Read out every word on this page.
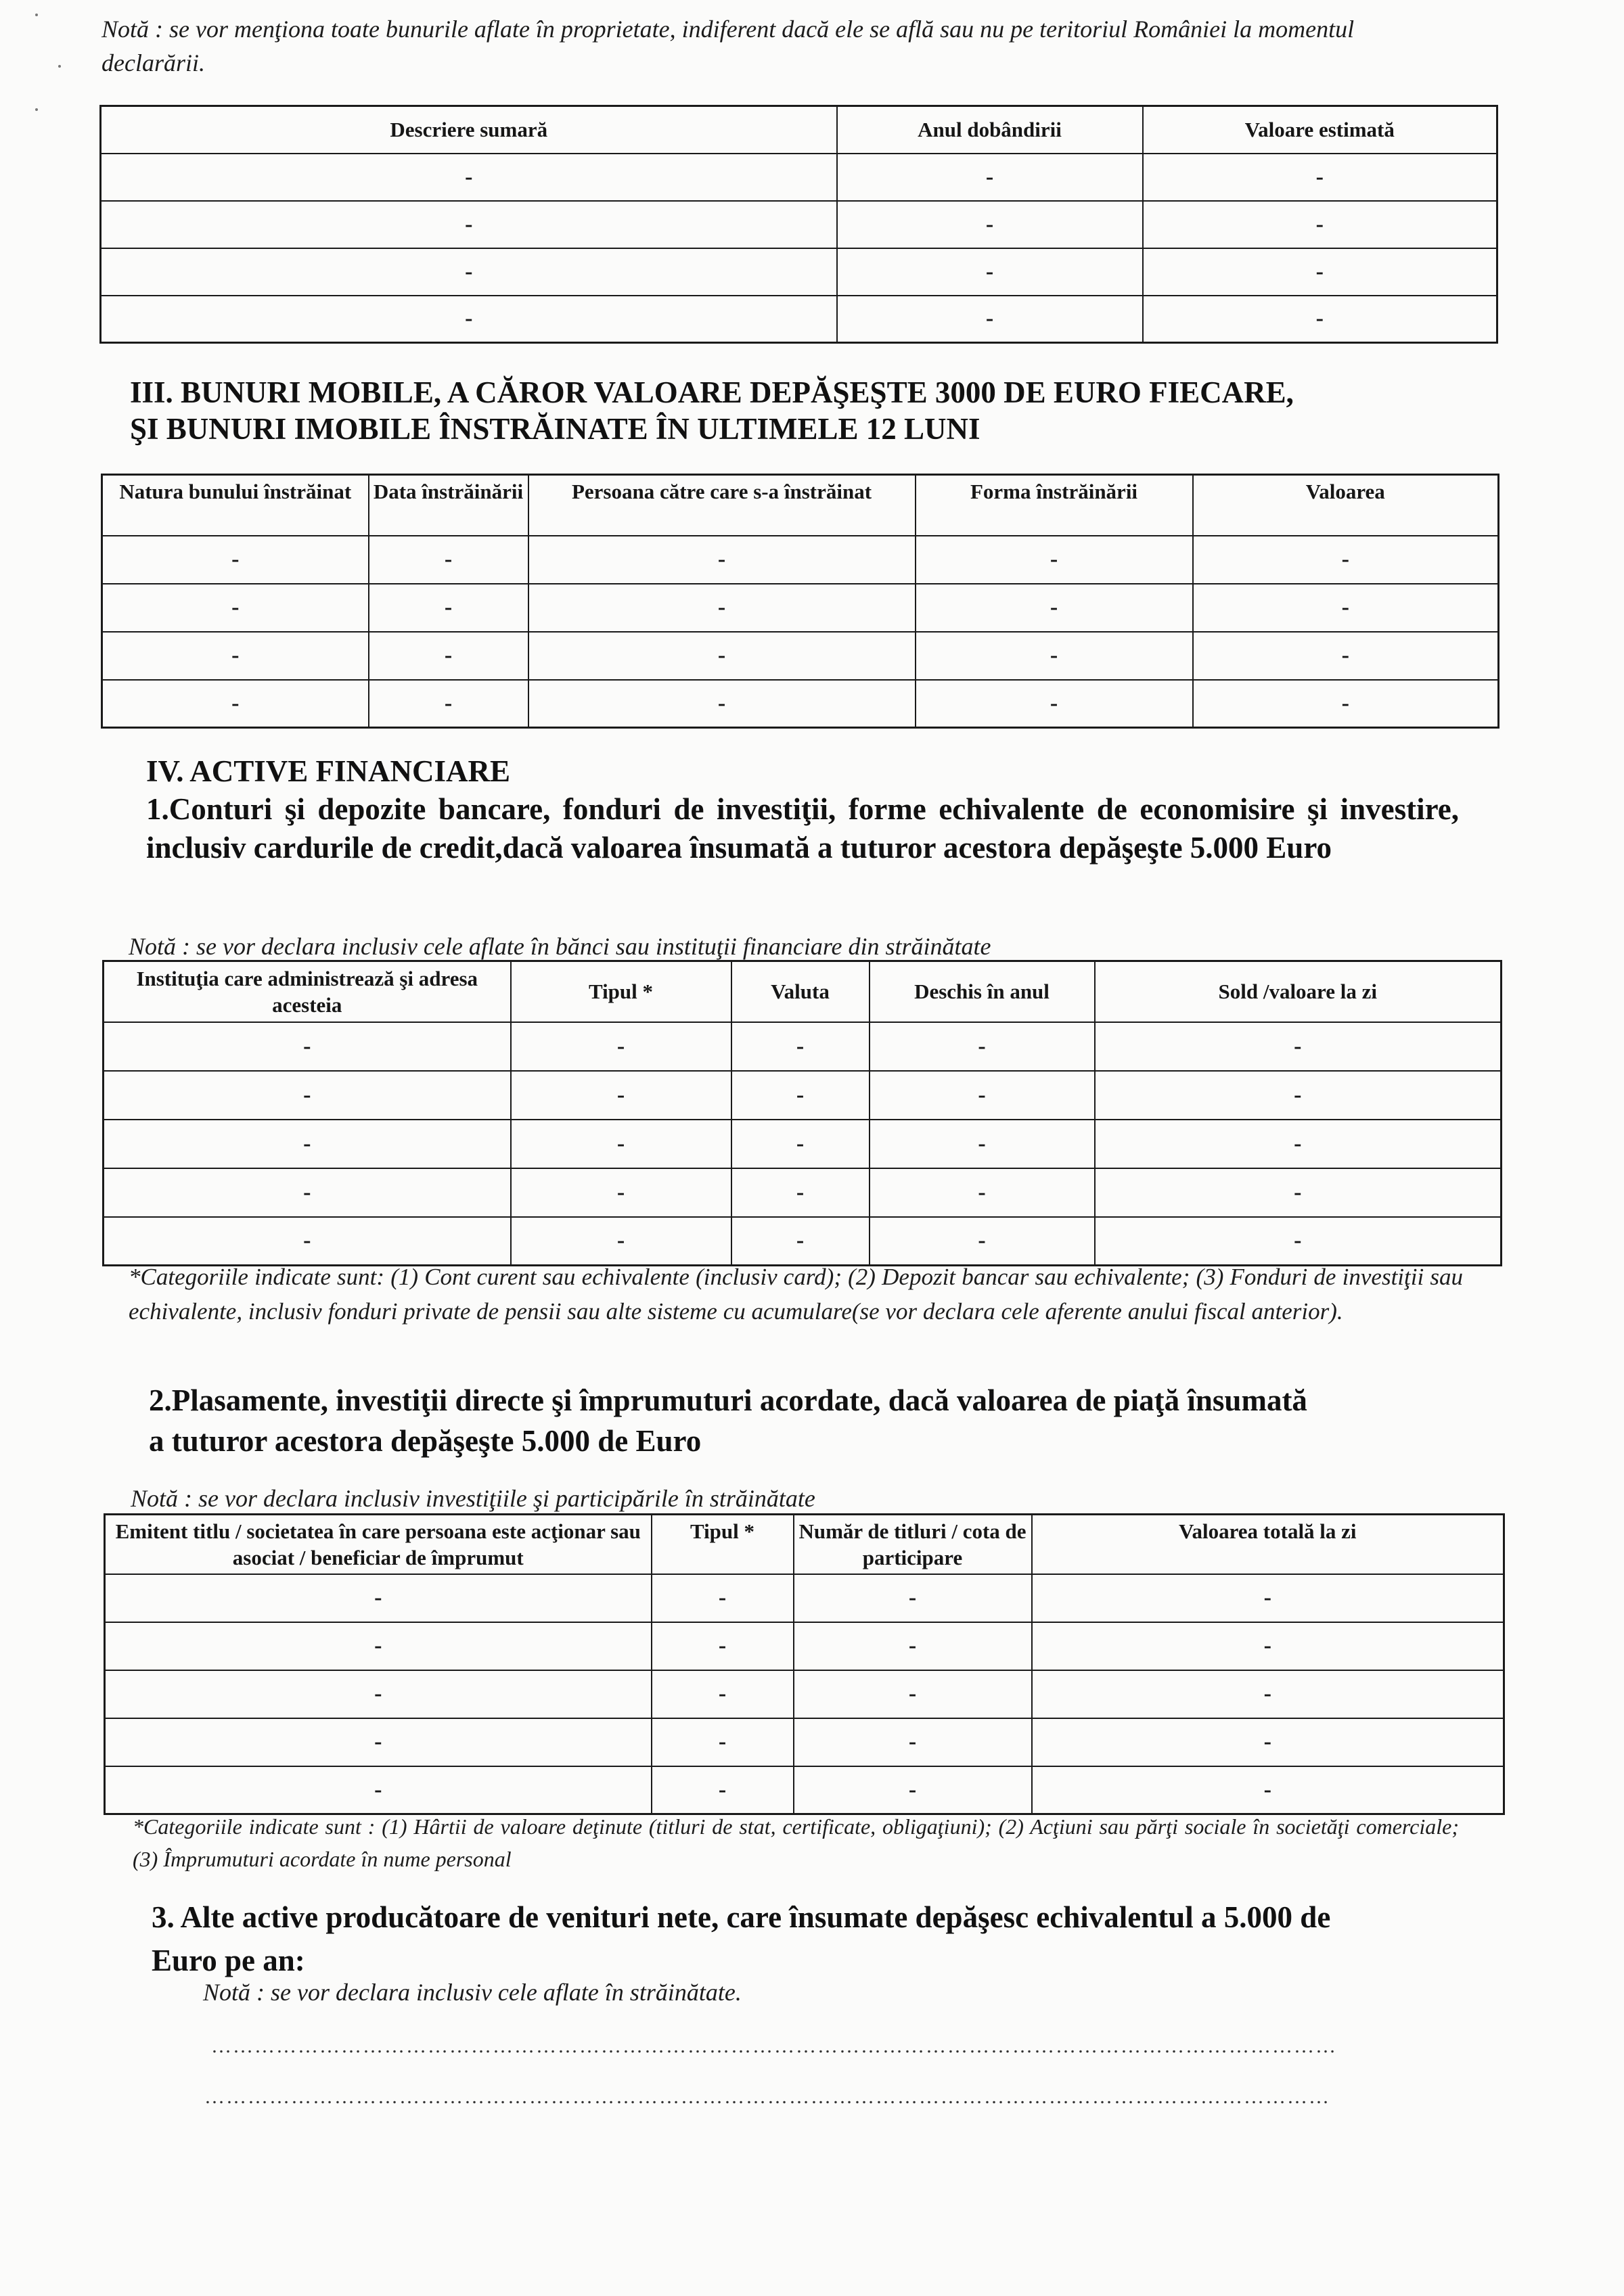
Notă : se vor menţiona toate bunurile aflate în proprietate, indiferent dacă ele se află sau nu pe teritoriul României la momentul declarării.
Descriere sumară	Anul dobândirii	Valoare estimată
-	-	-
-	-	-
-	-	-
-	-	-
III. BUNURI MOBILE, A CĂROR VALOARE DEPĂŞEŞTE 3000 DE EURO FIECARE,
ŞI BUNURI IMOBILE ÎNSTRĂINATE ÎN ULTIMELE 12 LUNI
Natura bunului înstrăinat	Data înstrăinării	Persoana către care s-a înstrăinat	Forma înstrăinării	Valoarea
-	-	-	-	-
-	-	-	-	-
-	-	-	-	-
-	-	-	-	-
IV. ACTIVE FINANCIARE
1.Conturi şi depozite bancare, fonduri de investiţii, forme echivalente de economisire şi investire, inclusiv cardurile de credit,dacă valoarea însumată a tuturor acestora depăşeşte 5.000 Euro
Notă : se vor declara inclusiv cele aflate în bănci sau instituţii financiare din străinătate
Instituţia care administrează şi adresa acesteia	Tipul *	Valuta	Deschis în anul	Sold /valoare la zi
-	-	-	-	-
-	-	-	-	-
-	-	-	-	-
-	-	-	-	-
-	-	-	-	-
*Categoriile indicate sunt: (1) Cont curent sau echivalente (inclusiv card); (2) Depozit bancar sau echivalente; (3) Fonduri de investiţii sau echivalente, inclusiv fonduri private de pensii sau alte sisteme cu acumulare(se vor declara cele aferente anului fiscal anterior).
2.Plasamente, investiţii directe şi împrumuturi acordate, dacă valoarea de piaţă însumată
a tuturor acestora depăşeşte 5.000 de Euro
Notă : se vor declara inclusiv investiţiile şi participările în străinătate
Emitent titlu / societatea în care persoana este acţionar sau asociat / beneficiar de împrumut	Tipul *	Număr de titluri / cota de participare	Valoarea totală la zi
-	-	-	-
-	-	-	-
-	-	-	-
-	-	-	-
-	-	-	-
*Categoriile indicate sunt : (1) Hârtii de valoare deţinute (titluri de stat, certificate, obligaţiuni); (2) Acţiuni sau părţi sociale în societăţi comerciale; (3) Împrumuturi acordate în nume personal
3. Alte active producătoare de venituri nete, care însumate depăşesc echivalentul a 5.000 de
Euro pe an:
Notă : se vor declara inclusiv cele aflate în străinătate.
…………………………………………………………………………………………………………………………………………
…………………………………………………………………………………………………………………………………………
